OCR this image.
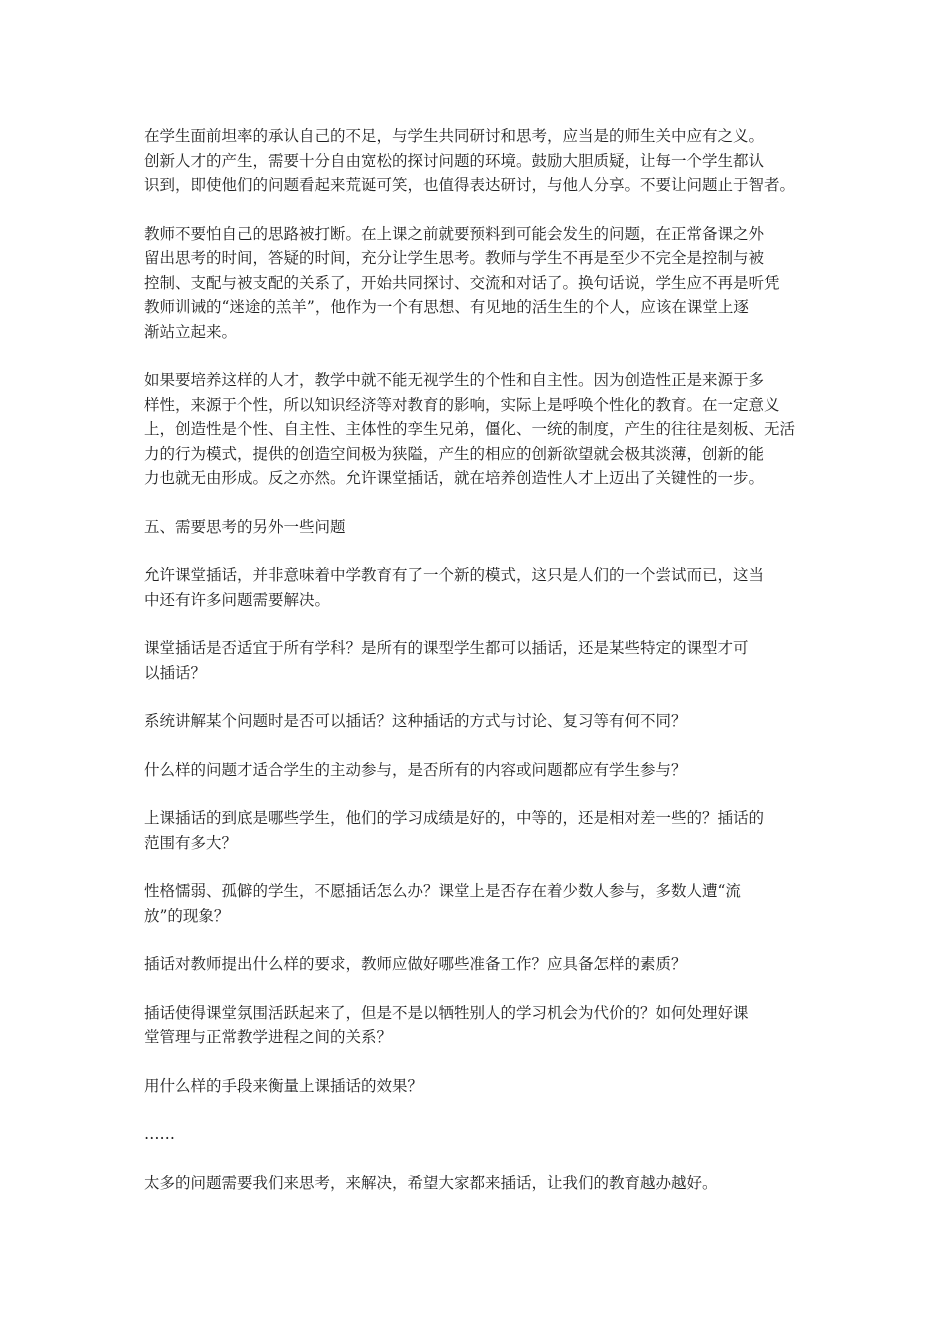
在学生面前坦率的承认自己的不足，与学生共同研讨和思考，应当是的师生关中应有之义。
创新人才的产生，需要十分自由宽松的探讨问题的环境。鼓励大胆质疑，让每一个学生都认
识到，即使他们的问题看起来荒诞可笑，也值得表达研讨，与他人分享。不要让问题止于智者。

教师不要怕自己的思路被打断。在上课之前就要预料到可能会发生的问题，在正常备课之外
留出思考的时间，答疑的时间，充分让学生思考。教师与学生不再是至少不完全是控制与被
控制、支配与被支配的关系了，开始共同探讨、交流和对话了。换句话说，学生应不再是听凭
教师训诫的“迷途的羔羊”，他作为一个有思想、有见地的活生生的个人，应该在课堂上逐
渐站立起来。

如果要培养这样的人才，教学中就不能无视学生的个性和自主性。因为创造性正是来源于多
样性，来源于个性，所以知识经济等对教育的影响，实际上是呼唤个性化的教育。在一定意义
上，创造性是个性、自主性、主体性的孪生兄弟，僵化、一统的制度，产生的往往是刻板、无活
力的行为模式，提供的创造空间极为狭隘，产生的相应的创新欲望就会极其淡薄，创新的能
力也就无由形成。反之亦然。允许课堂插话，就在培养创造性人才上迈出了关键性的一步。

五、需要思考的另外一些问题

允许课堂插话，并非意味着中学教育有了一个新的模式，这只是人们的一个尝试而已，这当
中还有许多问题需要解决。

课堂插话是否适宜于所有学科？是所有的课型学生都可以插话，还是某些特定的课型才可
以插话？

系统讲解某个问题时是否可以插话？这种插话的方式与讨论、复习等有何不同？

什么样的问题才适合学生的主动参与，是否所有的内容或问题都应有学生参与？

上课插话的到底是哪些学生，他们的学习成绩是好的，中等的，还是相对差一些的？插话的
范围有多大？

性格懦弱、孤僻的学生，不愿插话怎么办？课堂上是否存在着少数人参与，多数人遭“流
放”的现象？

插话对教师提出什么样的要求，教师应做好哪些准备工作？应具备怎样的素质？

插话使得课堂氛围活跃起来了，但是不是以牺牲别人的学习机会为代价的？如何处理好课
堂管理与正常教学进程之间的关系？

用什么样的手段来衡量上课插话的效果？

……

太多的问题需要我们来思考，来解决，希望大家都来插话，让我们的教育越办越好。
